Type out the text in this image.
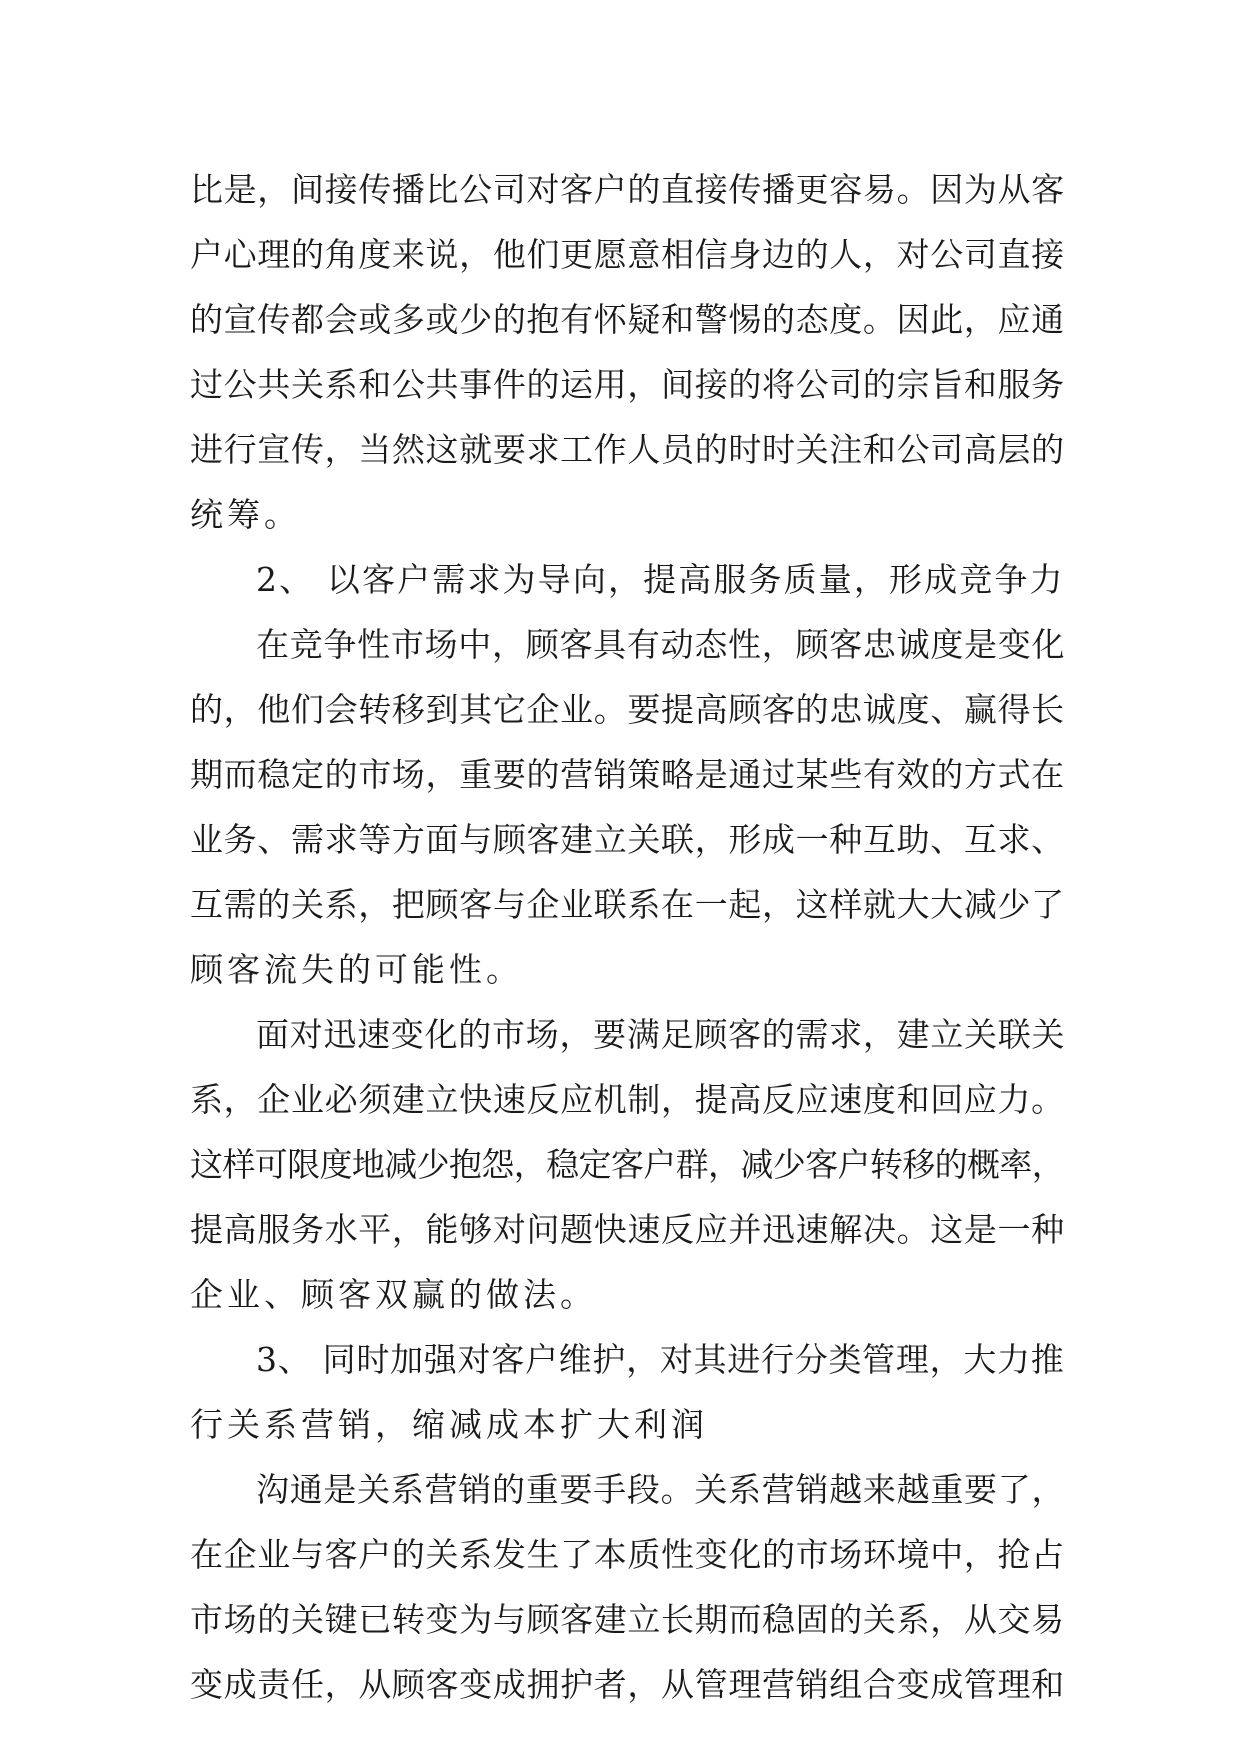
比是，间接传播比公司对客户的直接传播更容易。因为从客
户心理的角度来说，他们更愿意相信身边的人，对公司直接
的宣传都会或多或少的抱有怀疑和警惕的态度。因此，应通
过公共关系和公共事件的运用，间接的将公司的宗旨和服务
进行宣传，当然这就要求工作人员的时时关注和公司高层的
统筹。
2、 以客户需求为导向，提高服务质量，形成竞争力
在竞争性市场中，顾客具有动态性，顾客忠诚度是变化
的，他们会转移到其它企业。要提高顾客的忠诚度、赢得长
期而稳定的市场，重要的营销策略是通过某些有效的方式在
业务、需求等方面与顾客建立关联，形成一种互助、互求、
互需的关系，把顾客与企业联系在一起，这样就大大减少了
顾客流失的可能性。
面对迅速变化的市场，要满足顾客的需求，建立关联关
系，企业必须建立快速反应机制，提高反应速度和回应力。
这样可限度地减少抱怨，稳定客户群，减少客户转移的概率，
提高服务水平，能够对问题快速反应并迅速解决。这是一种
企业、顾客双赢的做法。
3、 同时加强对客户维护，对其进行分类管理，大力推
行关系营销，缩减成本扩大利润
沟通是关系营销的重要手段。关系营销越来越重要了，
在企业与客户的关系发生了本质性变化的市场环境中，抢占
市场的关键已转变为与顾客建立长期而稳固的关系，从交易
变成责任，从顾客变成拥护者，从管理营销组合变成管理和
